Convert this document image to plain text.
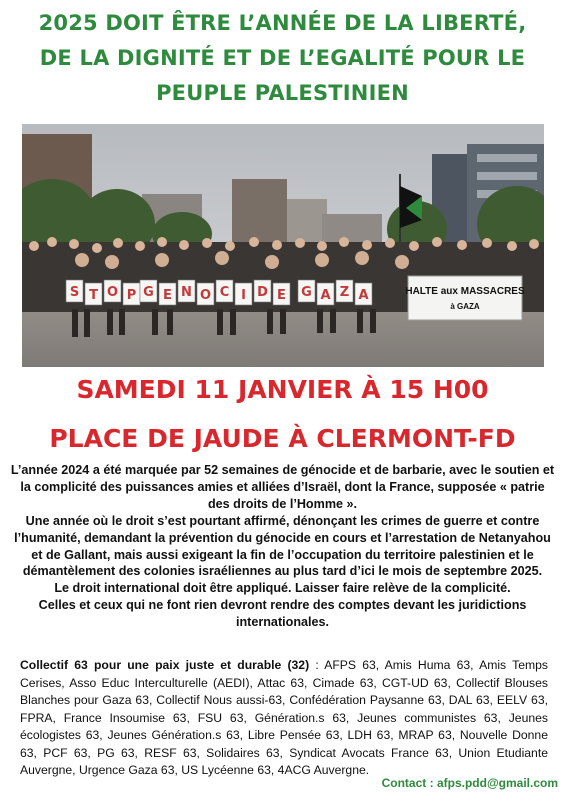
2025 DOIT ÊTRE L’ANNÉE DE LA LIBERTÉ,
DE LA DIGNITÉ ET DE L’EGALITÉ POUR LE
PEUPLE PALESTINIEN
S T O P G E N O C I D E G A Z A	HALTE aux MASSACRES
à GAZA
SAMEDI 11 JANVIER À 15 H00
PLACE DE JAUDE À CLERMONT-FD

L’année 2024 a été marquée par 52 semaines de génocide et de barbarie, avec le soutien et la complicité des puissances amies et alliées d’Israël, dont la France, supposée « patrie des droits de l’Homme ».

Une année où le droit s’est pourtant affirmé, dénonçant les crimes de guerre et contre l’humanité, demandant la prévention du génocide en cours et l’arrestation de Netanyahou et de Gallant, mais aussi exigeant la fin de l’occupation du territoire palestinien et le démantèlement des colonies israéliennes au plus tard d’ici le mois de septembre 2025.

Le droit international doit être appliqué. Laisser faire relève de la complicité.

Celles et ceux qui ne font rien devront rendre des comptes devant les juridictions internationales.

Collectif 63 pour une paix juste et durable (32) : AFPS 63, Amis Huma 63, Amis Temps Cerises, Asso Educ Interculturelle (AEDI), Attac 63, Cimade 63, CGT-UD 63, Collectif Blouses Blanches pour Gaza 63, Collectif Nous aussi-63, Confédération Paysanne 63, DAL 63, EELV 63, FPRA, France Insoumise 63, FSU 63, Génération.s 63, Jeunes communistes 63, Jeunes écologistes 63, Jeunes Génération.s 63, Libre Pensée 63, LDH 63, MRAP 63, Nouvelle Donne 63, PCF 63, PG 63, RESF 63, Solidaires 63, Syndicat Avocats France 63, Union Etudiante Auvergne, Urgence Gaza 63, US Lycéenne 63, 4ACG Auvergne.
Contact : afps.pdd@gmail.com
